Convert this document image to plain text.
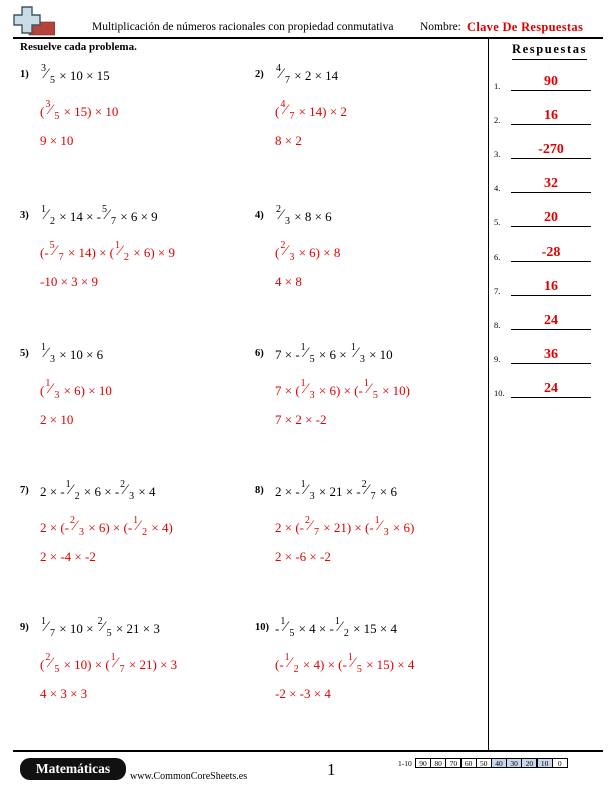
Multiplicación de números racionales con propiedad conmutativa Nombre: Clave De Respuestas
Resuelve cada problema.	Respuestas
1)
3 ⁄ 5 × 10 × 15
( 3 ⁄ 5 × 15) × 10
9 × 10
2)
4 ⁄ 7 × 2 × 14
( 4 ⁄ 7 × 14) × 2
8 × 2
3)
1 ⁄ 2 × 14 × - 5 ⁄ 7 × 6 × 9
(- 5 ⁄ 7 × 14) × ( 1 ⁄ 2 × 6) × 9
-10 × 3 × 9
4)
2 ⁄ 3 × 8 × 6
( 2 ⁄ 3 × 6) × 8
4 × 8
5)
1 ⁄ 3 × 10 × 6
( 1 ⁄ 3 × 6) × 10
2 × 10
6) 7 × - 1 ⁄ 5 × 6 × 1 ⁄ 3 × 10
7 × ( 1 ⁄ 3 × 6) × (- 1 ⁄ 5 × 10)
7 × 2 × -2
7) 2 × - 1 ⁄ 2 × 6 × - 2 ⁄ 3 × 4
2 × (- 2 ⁄ 3 × 6) × (- 1 ⁄ 2 × 4)
2 × -4 × -2
8) 2 × - 1 ⁄ 3 × 21 × - 2 ⁄ 7 × 6
2 × (- 2 ⁄ 7 × 21) × (- 1 ⁄ 3 × 6)
2 × -6 × -2
9)
1 ⁄ 7 × 10 × 2 ⁄ 5 × 21 × 3
( 2 ⁄ 5 × 10) × ( 1 ⁄ 7 × 21) × 3
4 × 3 × 3
10) - 1 ⁄ 5 × 4 × - 1 ⁄ 2 × 15 × 4
(- 1 ⁄ 2 × 4) × (- 1 ⁄ 5 × 15) × 4
-2 × -3 × 4
1.	90
2.	16
3.	-270
4.	32
5.	20
6.	-28
7.	16
8.	24
9.	36
10.	24
Matemáticas
www.CommonCoreSheets.es	1	1-10 90	80	70	60	50	40	30	20	10	0
